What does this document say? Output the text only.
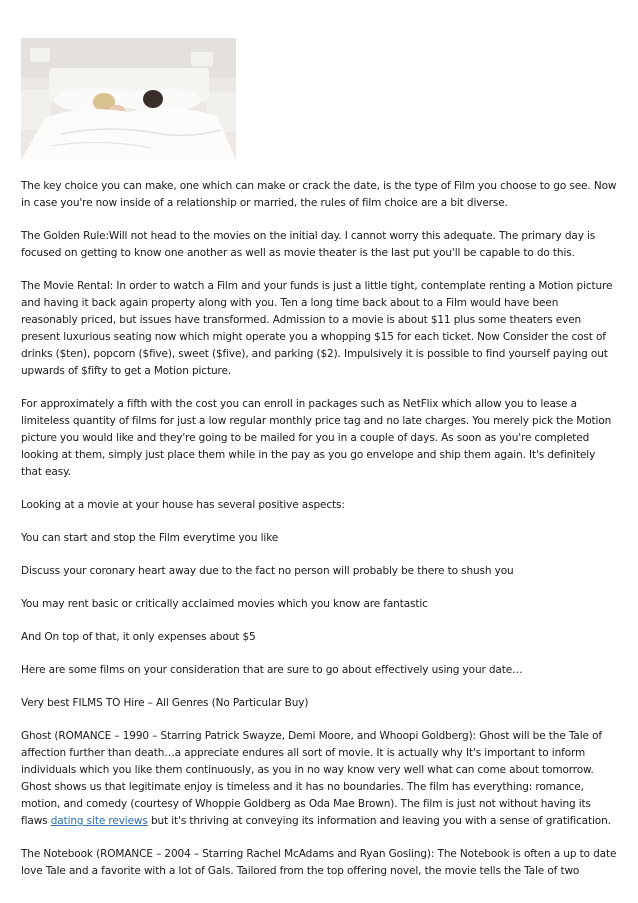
The key choice you can make, one which can make or crack the date, is the type of Film you choose to go see. Now in case you're now inside of a relationship or married, the rules of film choice are a bit diverse.

The Golden Rule:Will not head to the movies on the initial day. I cannot worry this adequate. The primary day is focused on getting to know one another as well as movie theater is the last put you'll be capable to do this.

The Movie Rental: In order to watch a Film and your funds is just a little tight, contemplate renting a Motion picture and having it back again property along with you. Ten a long time back about to a Film would have been reasonably priced, but issues have transformed. Admission to a movie is about $11 plus some theaters even present luxurious seating now which might operate you a whopping $15 for each ticket. Now Consider the cost of drinks ($ten), popcorn ($five), sweet ($five), and parking ($2). Impulsively it is possible to find yourself paying out upwards of $fifty to get a Motion picture.

For approximately a fifth with the cost you can enroll in packages such as NetFlix which allow you to lease a limiteless quantity of films for just a low regular monthly price tag and no late charges. You merely pick the Motion picture you would like and they're going to be mailed for you in a couple of days. As soon as you're completed looking at them, simply just place them while in the pay as you go envelope and ship them again. It's definitely that easy.

Looking at a movie at your house has several positive aspects:

You can start and stop the Film everytime you like

Discuss your coronary heart away due to the fact no person will probably be there to shush you

You may rent basic or critically acclaimed movies which you know are fantastic

And On top of that, it only expenses about $5

Here are some films on your consideration that are sure to go about effectively using your date…

Very best FILMS TO Hire – All Genres (No Particular Buy)

Ghost (ROMANCE – 1990 – Starring Patrick Swayze, Demi Moore, and Whoopi Goldberg): Ghost will be the Tale of affection further than death…a appreciate endures all sort of movie. It is actually why It's important to inform individuals which you like them continuously, as you in no way know very well what can come about tomorrow. Ghost shows us that legitimate enjoy is timeless and it has no boundaries. The film has everything: romance, motion, and comedy (courtesy of Whoppie Goldberg as Oda Mae Brown). The film is just not without having its flaws dating site reviews but it's thriving at conveying its information and leaving you with a sense of gratification.

The Notebook (ROMANCE – 2004 – Starring Rachel McAdams and Ryan Gosling): The Notebook is often a up to date love Tale and a favorite with a lot of Gals. Tailored from the top offering novel, the movie tells the Tale of two
